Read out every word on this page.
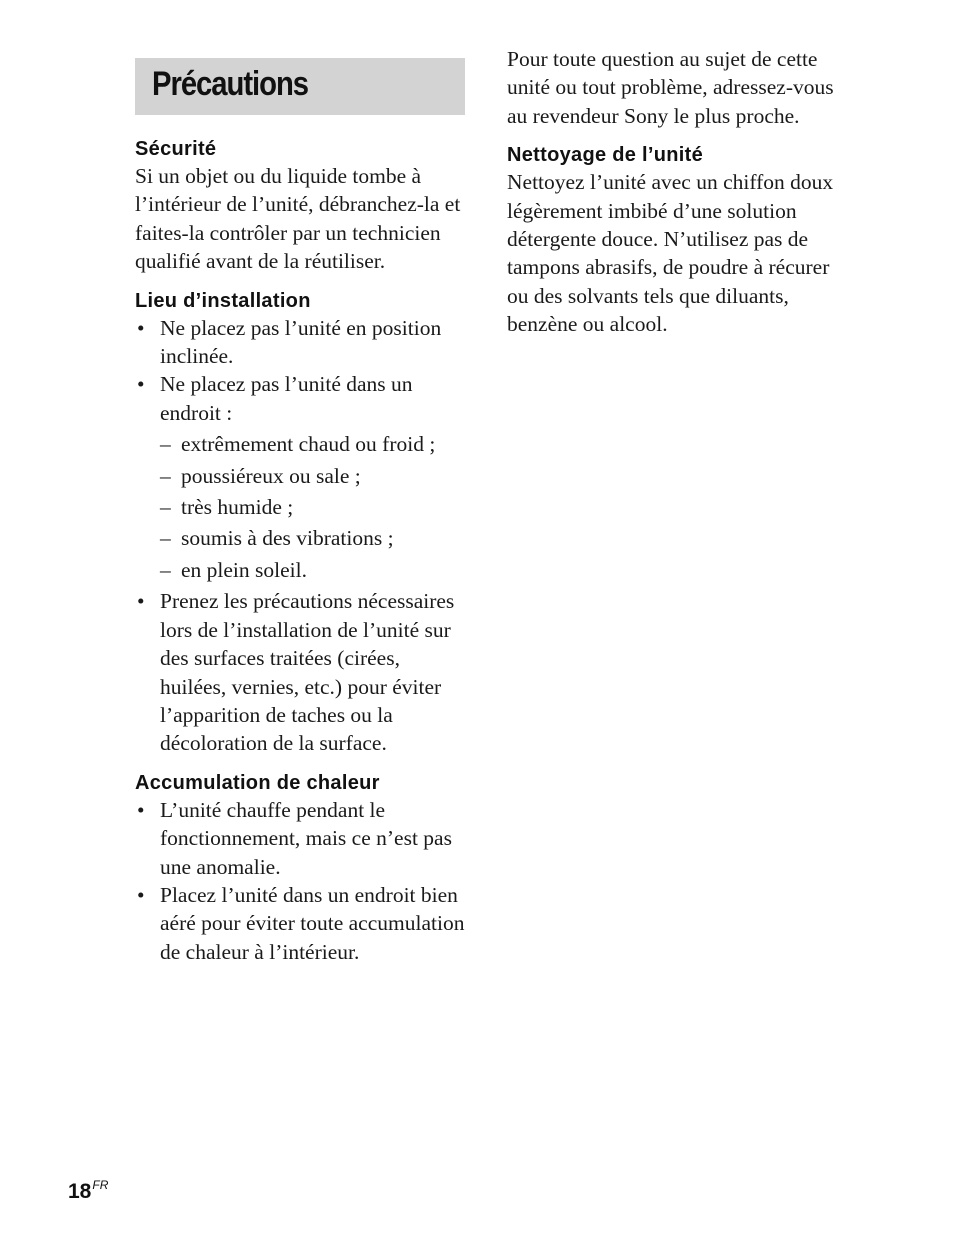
Précautions
Sécurité

Si un objet ou du liquide tombe à l’intérieur de l’unité, débranchez-la et faites-la contrôler par un technicien qualifié avant de la réutiliser.

Lieu d’installation
• Ne placez pas l’unité en position inclinée.
• Ne placez pas l’unité dans un endroit :
– extrêmement chaud ou froid ;
– poussiéreux ou sale ;
– très humide ;
– soumis à des vibrations ;
– en plein soleil.
• Prenez les précautions nécessaires lors de l’installation de l’unité sur des surfaces traitées (cirées, huilées, vernies, etc.) pour éviter l’apparition de taches ou la décoloration de la surface.
Accumulation de chaleur
• L’unité chauffe pendant le fonctionnement, mais ce n’est pas une anomalie.
• Placez l’unité dans un endroit bien aéré pour éviter toute accumulation de chaleur à l’intérieur.

Pour toute question au sujet de cette unité ou tout problème, adressez-vous au revendeur Sony le plus proche.

Nettoyage de l’unité

Nettoyez l’unité avec un chiffon doux légèrement imbibé d’une solution détergente douce. N’utilisez pas de tampons abrasifs, de poudre à récurer ou des solvants tels que diluants, benzène ou alcool.

$18^{FR}$
